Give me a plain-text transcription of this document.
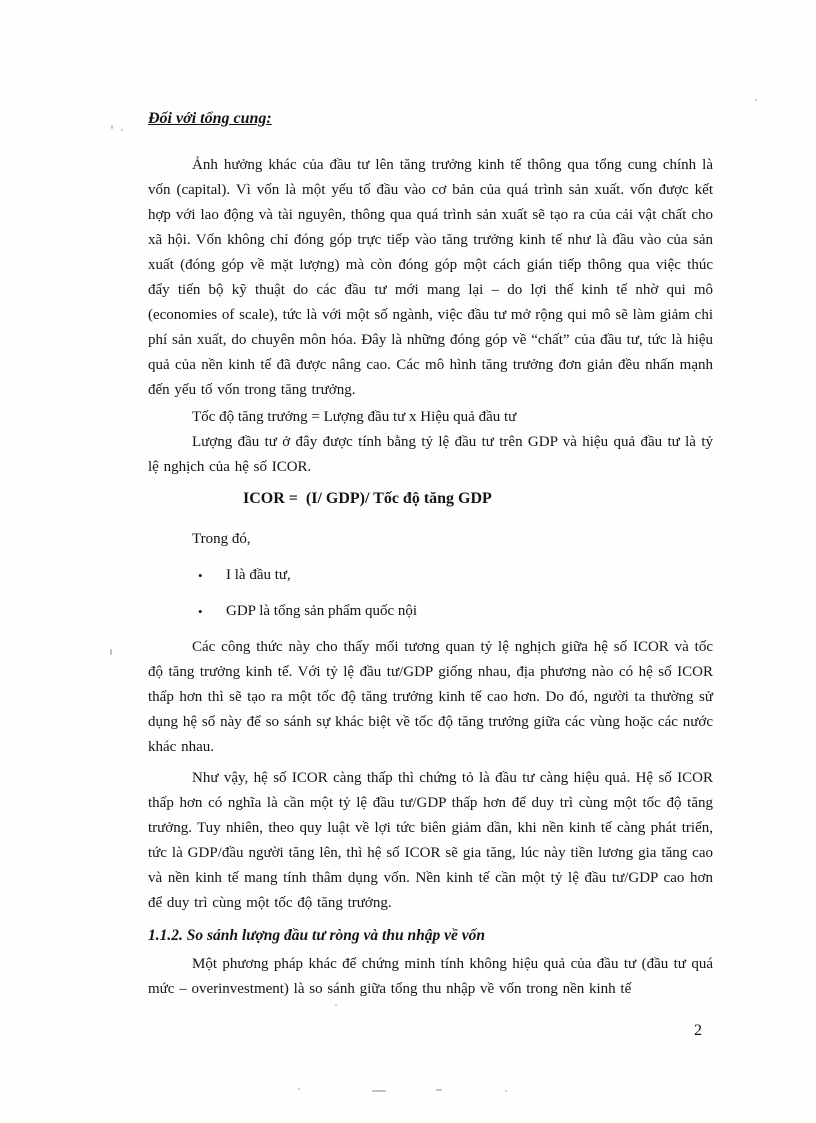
Đối với tổng cung:

Ảnh hưởng khác của đầu tư lên tăng trưởng kinh tế thông qua tổng cung chính là vốn (capital). Vì vốn là một yếu tố đầu vào cơ bản của quá trình sản xuất. vốn được kết hợp với lao động và tài nguyên, thông qua quá trình sản xuất sẽ tạo ra của cải vật chất cho xã hội. Vốn không chỉ đóng góp trực tiếp vào tăng trưởng kinh tế như là đầu vào của sản xuất (đóng góp về mặt lượng) mà còn đóng góp một cách gián tiếp thông qua việc thúc đẩy tiến bộ kỹ thuật do các đầu tư mới mang lại – do lợi thế kinh tế nhờ qui mô (economies of scale), tức là với một số ngành, việc đầu tư mở rộng qui mô sẽ làm giảm chi phí sản xuất, do chuyên môn hóa. Đây là những đóng góp về “chất” của đầu tư, tức là hiệu quả của nền kinh tế đã được nâng cao. Các mô hình tăng trưởng đơn giản đều nhấn mạnh đến yếu tố vốn trong tăng trưởng.

Tốc độ tăng trưởng = Lượng đầu tư x Hiệu quả đầu tư

Lượng đầu tư ở đây được tính bằng tỷ lệ đầu tư trên GDP và hiệu quả đầu tư là tỷ lệ nghịch của hệ số ICOR.

ICOR =  (I/ GDP)/ Tốc độ tăng GDP

Trong đó,

•	I là đầu tư,
•	GDP là tổng sản phẩm quốc nội

Các công thức này cho thấy mối tương quan tỷ lệ nghịch giữa hệ số ICOR và tốc độ tăng trưởng kinh tế. Với tỷ lệ đầu tư/GDP giống nhau, địa phương nào có hệ số ICOR thấp hơn thì sẽ tạo ra một tốc độ tăng trưởng kinh tế cao hơn. Do đó, người ta thường sử dụng hệ số này để so sánh sự khác biệt về tốc độ tăng trưởng giữa các vùng hoặc các nước khác nhau.

Như vậy, hệ số ICOR càng thấp thì chứng tỏ là đầu tư càng hiệu quả. Hệ số ICOR thấp hơn có nghĩa là cần một tỷ lệ đầu tư/GDP thấp hơn để duy trì cùng một tốc độ tăng trưởng. Tuy nhiên, theo quy luật về lợi tức biên giảm dần, khi nền kinh tế càng phát triển, tức là GDP/đầu người tăng lên, thì hệ số ICOR sẽ gia tăng, lúc này tiền lương gia tăng cao và nền kinh tế mang tính thâm dụng vốn. Nền kinh tế cần một tỷ lệ đầu tư/GDP cao hơn để duy trì cùng một tốc độ tăng trưởng.

1.1.2. So sánh lượng đầu tư ròng và thu nhập về vốn

Một phương pháp khác để chứng minh tính không hiệu quả của đầu tư (đầu tư quá mức – overinvestment) là so sánh giữa tổng thu nhập về vốn trong nền kinh tế

2
